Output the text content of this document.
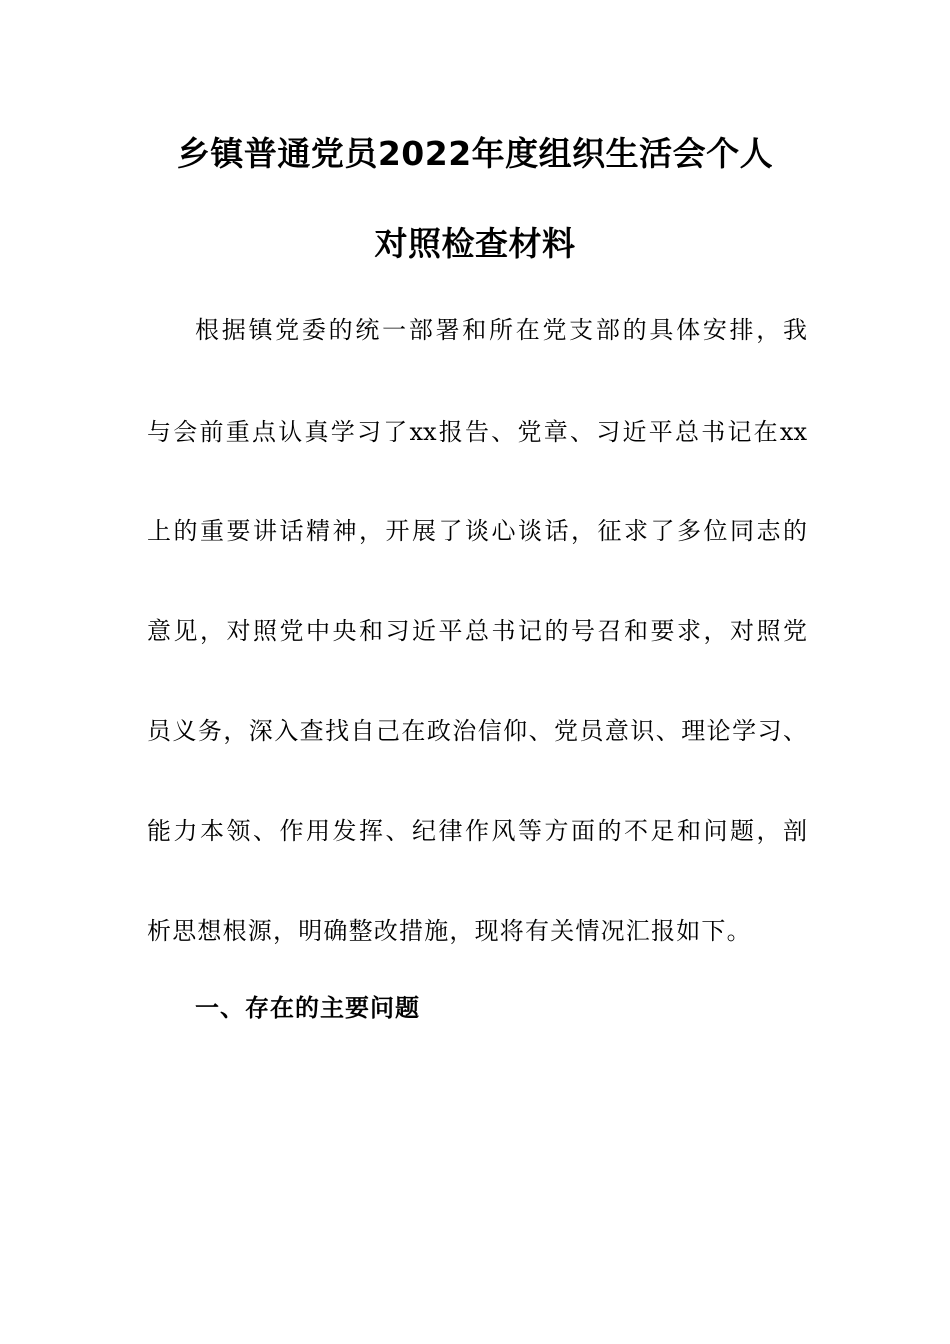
乡镇普通党员2022年度组织生活会个人
对照检查材料
根据镇党委的统一部署和所在党支部的具体安排，我
与会前重点认真学习了xx报告、党章、习近平总书记在xx
上的重要讲话精神，开展了谈心谈话，征求了多位同志的
意见，对照党中央和习近平总书记的号召和要求，对照党
员义务，深入查找自己在政治信仰、党员意识、理论学习、
能力本领、作用发挥、纪律作风等方面的不足和问题，剖
析思想根源，明确整改措施，现将有关情况汇报如下。
一、存在的主要问题
